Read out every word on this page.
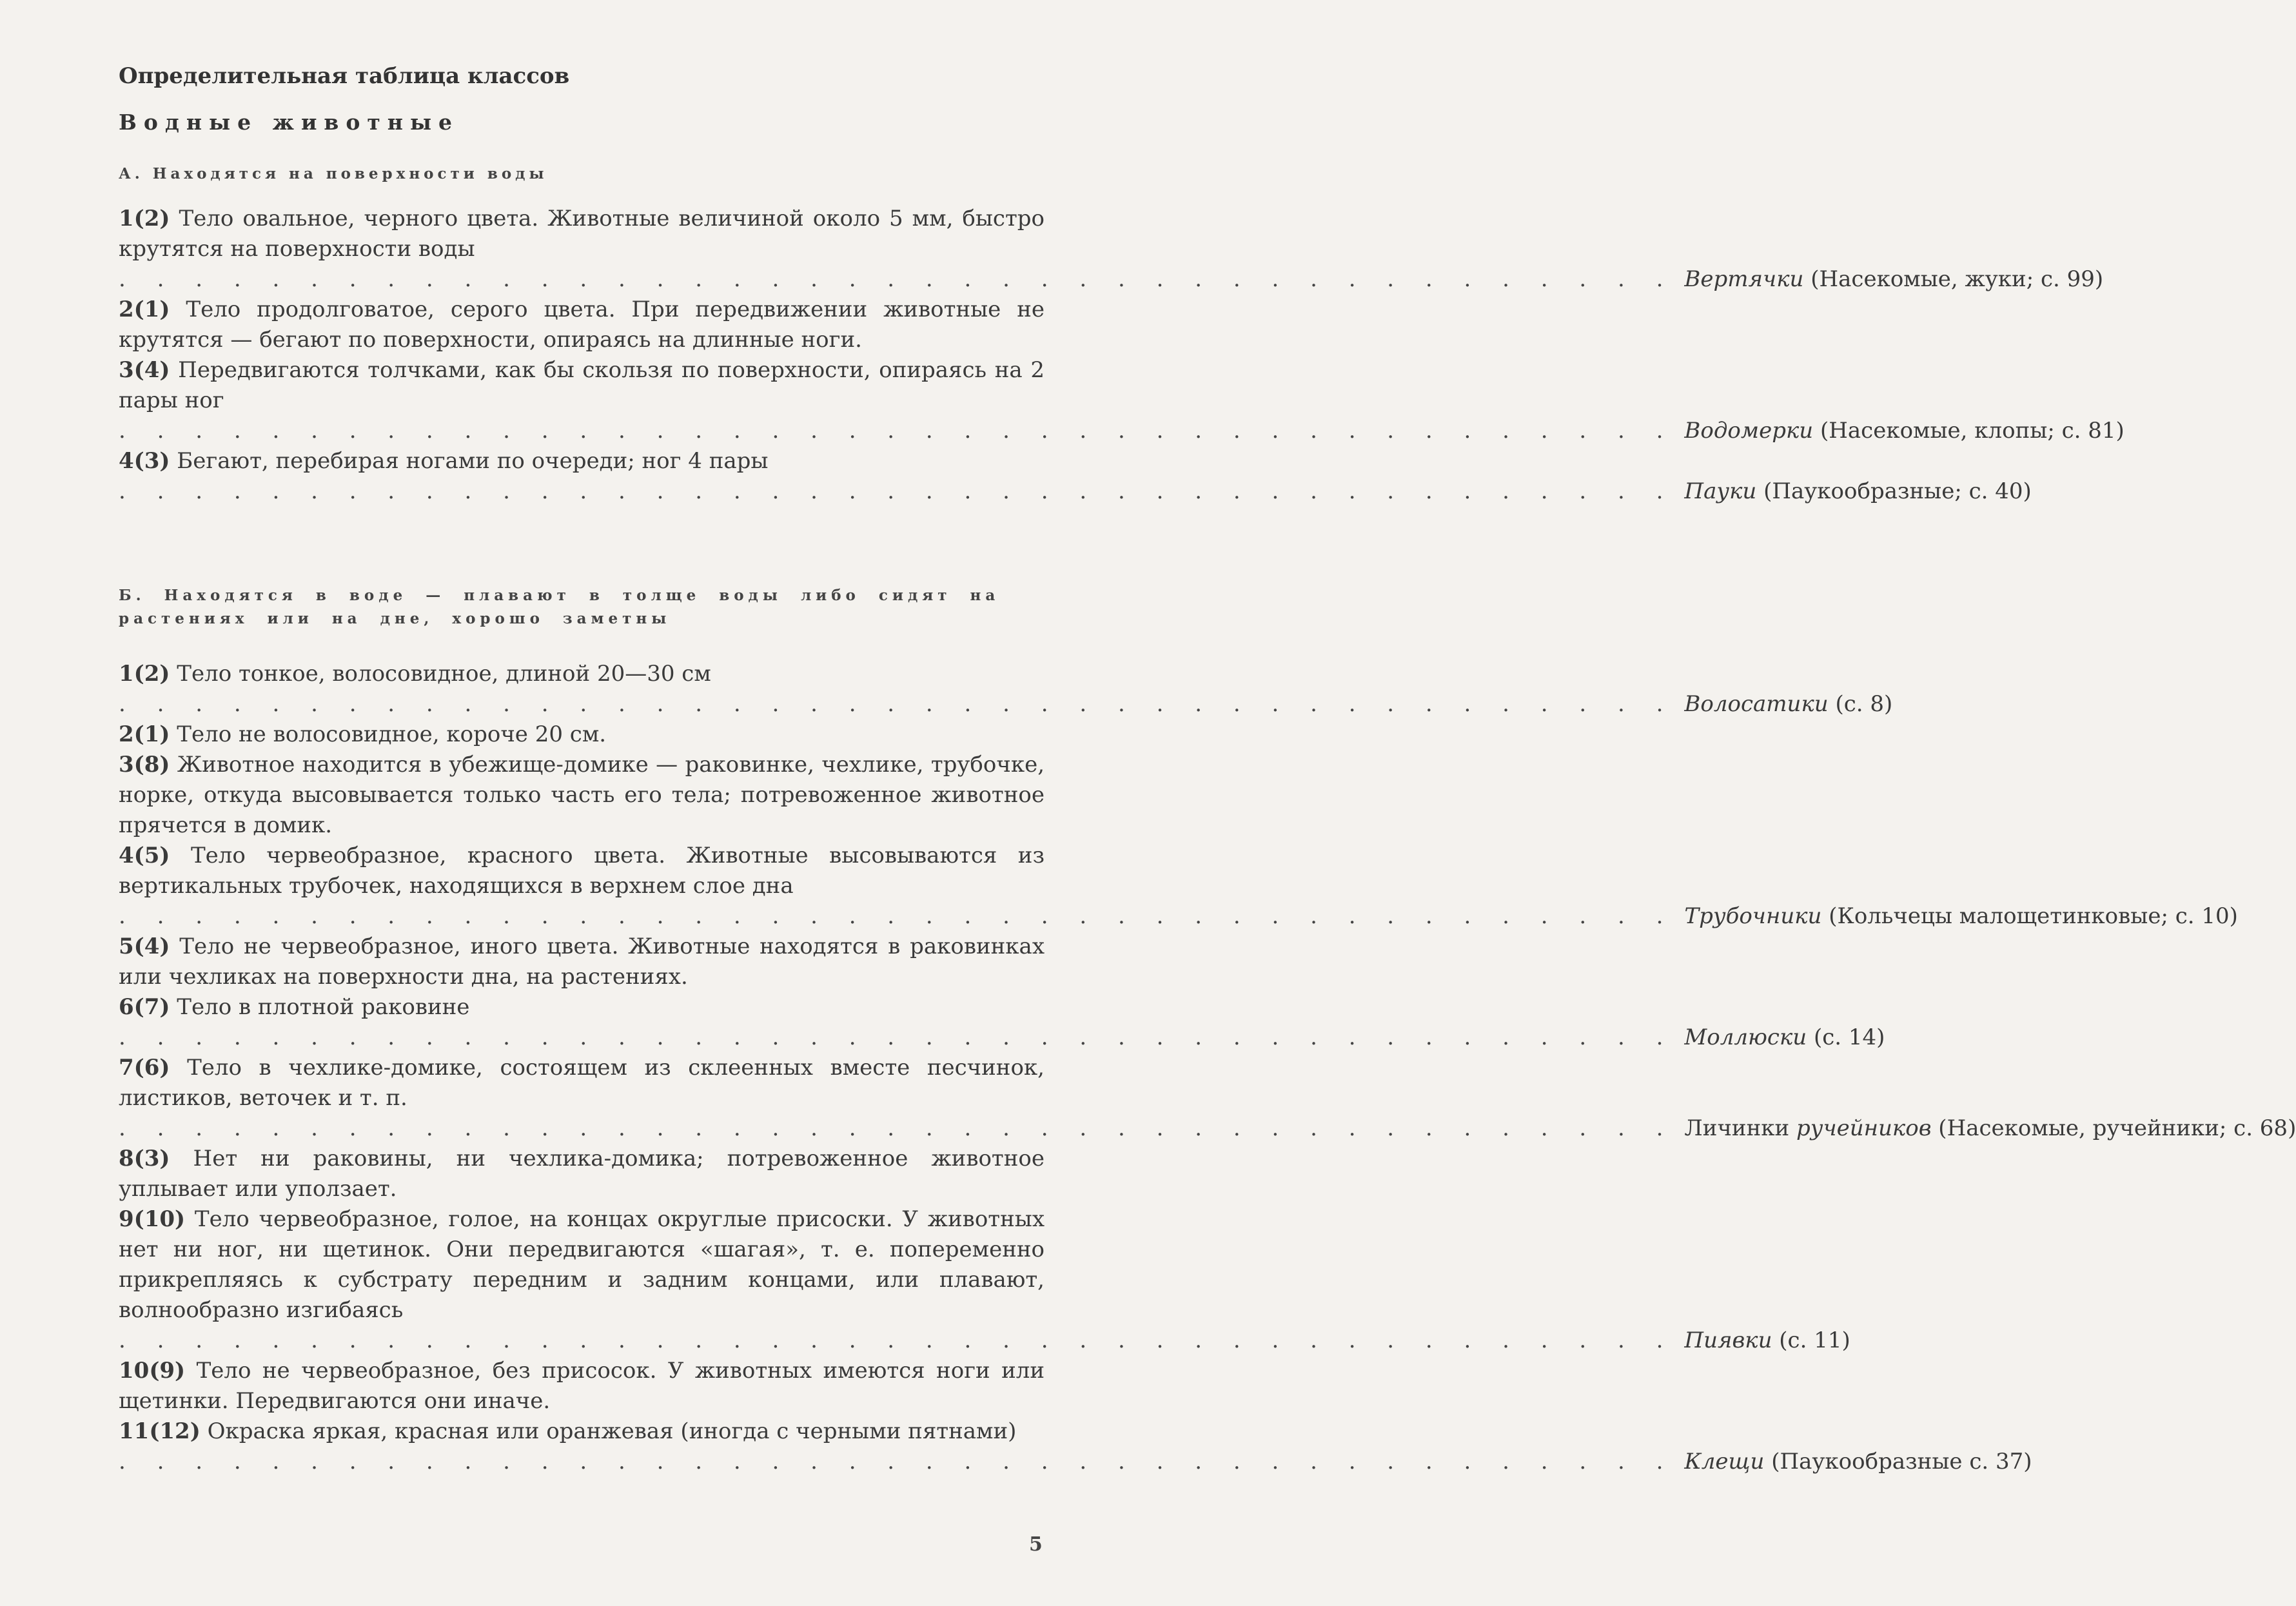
Определительная таблица классов
Водные животные
А. Находятся на поверхности воды

1(2) Тело овальное, черного цвета. Животные величиной около 5 мм, быстро крутятся на поверхности воды

. . . . . . . . . . . . . . . . . . . . . . . . . . . . . . . . . . . . . . . . . Вертячки (Насекомые, жуки; с. 99)

2(1) Тело продолговатое, серого цвета. При передвижении животные не крутятся — бегают по поверхности, опираясь на длинные ноги.

3(4) Передвигаются толчками, как бы скользя по поверхности, опираясь на 2 пары ног

. . . . . . . . . . . . . . . . . . . . . . . . . . . . . . . . . . . . . . . . . Водомерки (Насекомые, клопы; с. 81)

4(3) Бегают, перебирая ногами по очереди; ног 4 пары

. . . . . . . . . . . . . . . . . . . . . . . . . . . . . . . . . . . . . . . . . Пауки (Паукообразные; с. 40)

Б. Находятся в воде — плавают в толще воды либо сидят на растениях или на дне, хорошо заметны

1(2) Тело тонкое, волосовидное, длиной 20—30 см

. . . . . . . . . . . . . . . . . . . . . . . . . . . . . . . . . . . . . . . . . Волосатики (с. 8)

2(1) Тело не волосовидное, короче 20 см.

3(8) Животное находится в убежище-домике — раковинке, чехлике, трубочке, норке, откуда высовывается только часть его тела; потревоженное животное прячется в домик.

4(5) Тело червеобразное, красного цвета. Животные высовываются из вертикальных трубочек, находящихся в верхнем слое дна

. . . . . . . . . . . . . . . . . . . . . . . . . . . . . . . . . . . . . . . . . Трубочники (Кольчецы малощетинковые; с. 10)

5(4) Тело не червеобразное, иного цвета. Животные находятся в раковинках или чехликах на поверхности дна, на растениях.

6(7) Тело в плотной раковине

. . . . . . . . . . . . . . . . . . . . . . . . . . . . . . . . . . . . . . . . . Моллюски (с. 14)

7(6) Тело в чехлике-домике, состоящем из склеенных вместе песчинок, листиков, веточек и т. п.

. . . . . . . . . . . . . . . . . . . . . . . . . . . . . . . . . . . . . . . . . Личинки ручейников (Насекомые, ручейники; с. 68)

8(3) Нет ни раковины, ни чехлика-домика; потревоженное животное уплывает или уползает.

9(10) Тело червеобразное, голое, на концах округлые присоски. У животных нет ни ног, ни щетинок. Они передвигаются «шагая», т. е. попеременно прикрепляясь к субстрату передним и задним концами, или плавают, волнообразно изгибаясь

. . . . . . . . . . . . . . . . . . . . . . . . . . . . . . . . . . . . . . . . . Пиявки (с. 11)

10(9) Тело не червеобразное, без присосок. У животных имеются ноги или щетинки. Передвигаются они иначе.

11(12) Окраска яркая, красная или оранжевая (иногда с черными пятнами)

. . . . . . . . . . . . . . . . . . . . . . . . . . . . . . . . . . . . . . . . . Клещи (Паукообразные с. 37)

5
